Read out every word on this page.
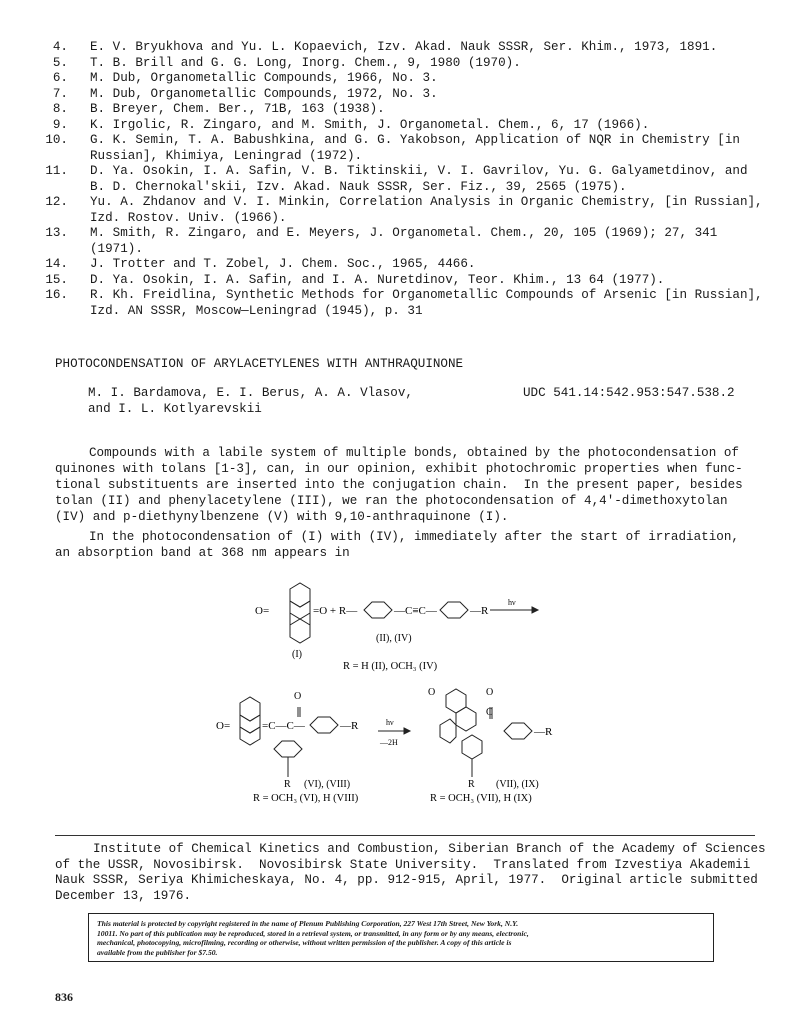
4. E. V. Bryukhova and Yu. L. Kopaevich, Izv. Akad. Nauk SSSR, Ser. Khim., 1973, 1891.
5. T. B. Brill and G. G. Long, Inorg. Chem., 9, 1980 (1970).
6. M. Dub, Organometallic Compounds, 1966, No. 3.
7. M. Dub, Organometallic Compounds, 1972, No. 3.
8. B. Breyer, Chem. Ber., 71B, 163 (1938).
9. K. Irgolic, R. Zingaro, and M. Smith, J. Organometal. Chem., 6, 17 (1966).
10. G. K. Semin, T. A. Babushkina, and G. G. Yakobson, Application of NQR in Chemistry [in
Russian], Khimiya, Leningrad (1972).
11. D. Ya. Osokin, I. A. Safin, V. B. Tiktinskii, V. I. Gavrilov, Yu. G. Galyametdinov, and
B. D. Chernokal'skii, Izv. Akad. Nauk SSSR, Ser. Fiz., 39, 2565 (1975).
12. Yu. A. Zhdanov and V. I. Minkin, Correlation Analysis in Organic Chemistry, [in Russian],
Izd. Rostov. Univ. (1966).
13. M. Smith, R. Zingaro, and E. Meyers, J. Organometal. Chem., 20, 105 (1969); 27, 341
(1971).
14. J. Trotter and T. Zobel, J. Chem. Soc., 1965, 4466.
15. D. Ya. Osokin, I. A. Safin, and I. A. Nuretdinov, Teor. Khim., 13 64 (1977).
16. R. Kh. Freidlina, Synthetic Methods for Organometallic Compounds of Arsenic [in Russian],
Izd. AN SSSR, Moscow—Leningrad (1945), p. 31
PHOTOCONDENSATION OF ARYLACETYLENES WITH ANTHRAQUINONE
M. I. Bardamova, E. I. Berus, A. A. Vlasov,
and I. L. Kotlyarevskii
UDC 541.14:542.953:547.538.2
Compounds with a labile system of multiple bonds, obtained by the photocondensation of
quinones with tolans [1-3], can, in our opinion, exhibit photochromic properties when func-
tional substituents are inserted into the conjugation chain.  In the present paper, besides
tolan (II) and phenylacetylene (III), we ran the photocondensation of 4,4'-dimethoxytolan
(IV) and p-diethynylbenzene (V) with 9,10-anthraquinone (I).
In the photocondensation of (I) with (IV), immediately after the start of irradiation,
an absorption band at 368 nm appears in
O=	=O + R—	—C≡C—	—R
hν
(II), (IV)
(I)
R = H (II), OCH₃ (IV)
O=	=C—C—
O
—R	hν
—2H
R (VI), (VIII)
R = OCH₃ (VI), H (VIII)
O	O
C
—R
R (VII), (IX)
R = OCH₃ (VII), H (IX)
Institute of Chemical Kinetics and Combustion, Siberian Branch of the Academy of Sciences
of the USSR, Novosibirsk.  Novosibirsk State University.  Translated from Izvestiya Akademii
Nauk SSSR, Seriya Khimicheskaya, No. 4, pp. 912-915, April, 1977.  Original article submitted
December 13, 1976.
This material is protected by copyright registered in the name of Plenum Publishing Corporation, 227 West 17th Street, New York, N.Y.
10011. No part of this publication may be reproduced, stored in a retrieval system, or transmitted, in any form or by any means, electronic,
mechanical, photocopying, microfilming, recording or otherwise, without written permission of the publisher. A copy of this article is
available from the publisher for $7.50.
836
